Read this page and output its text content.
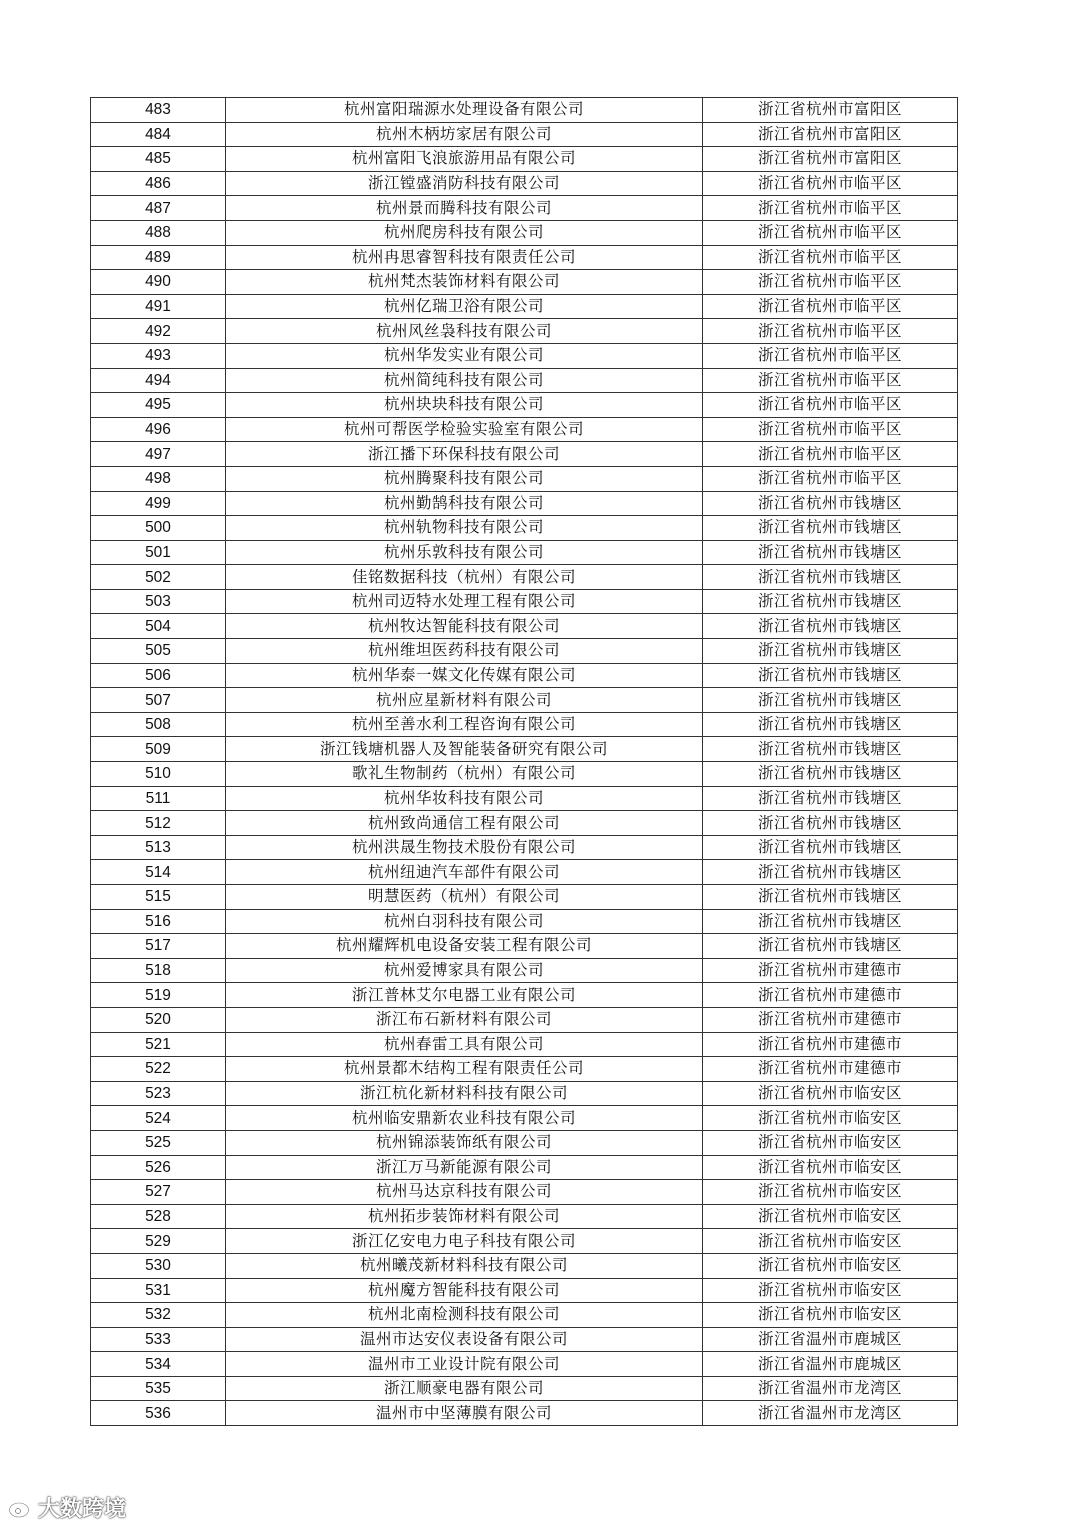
483	杭州富阳瑞源水处理设备有限公司	浙江省杭州市富阳区
484	杭州木柄坊家居有限公司	浙江省杭州市富阳区
485	杭州富阳飞浪旅游用品有限公司	浙江省杭州市富阳区
486	浙江镗盛消防科技有限公司	浙江省杭州市临平区
487	杭州景而腾科技有限公司	浙江省杭州市临平区
488	杭州爬房科技有限公司	浙江省杭州市临平区
489	杭州冉思睿智科技有限责任公司	浙江省杭州市临平区
490	杭州梵杰装饰材料有限公司	浙江省杭州市临平区
491	杭州亿瑞卫浴有限公司	浙江省杭州市临平区
492	杭州风丝袅科技有限公司	浙江省杭州市临平区
493	杭州华发实业有限公司	浙江省杭州市临平区
494	杭州简纯科技有限公司	浙江省杭州市临平区
495	杭州块块科技有限公司	浙江省杭州市临平区
496	杭州可帮医学检验实验室有限公司	浙江省杭州市临平区
497	浙江播下环保科技有限公司	浙江省杭州市临平区
498	杭州腾聚科技有限公司	浙江省杭州市临平区
499	杭州勤鹄科技有限公司	浙江省杭州市钱塘区
500	杭州轨物科技有限公司	浙江省杭州市钱塘区
501	杭州乐敦科技有限公司	浙江省杭州市钱塘区
502	佳铭数据科技（杭州）有限公司	浙江省杭州市钱塘区
503	杭州司迈特水处理工程有限公司	浙江省杭州市钱塘区
504	杭州牧达智能科技有限公司	浙江省杭州市钱塘区
505	杭州维坦医药科技有限公司	浙江省杭州市钱塘区
506	杭州华泰一媒文化传媒有限公司	浙江省杭州市钱塘区
507	杭州应星新材料有限公司	浙江省杭州市钱塘区
508	杭州至善水利工程咨询有限公司	浙江省杭州市钱塘区
509	浙江钱塘机器人及智能装备研究有限公司	浙江省杭州市钱塘区
510	歌礼生物制药（杭州）有限公司	浙江省杭州市钱塘区
511	杭州华妆科技有限公司	浙江省杭州市钱塘区
512	杭州致尚通信工程有限公司	浙江省杭州市钱塘区
513	杭州洪晟生物技术股份有限公司	浙江省杭州市钱塘区
514	杭州纽迪汽车部件有限公司	浙江省杭州市钱塘区
515	明慧医药（杭州）有限公司	浙江省杭州市钱塘区
516	杭州白羽科技有限公司	浙江省杭州市钱塘区
517	杭州耀辉机电设备安装工程有限公司	浙江省杭州市钱塘区
518	杭州爱博家具有限公司	浙江省杭州市建德市
519	浙江普林艾尔电器工业有限公司	浙江省杭州市建德市
520	浙江布石新材料有限公司	浙江省杭州市建德市
521	杭州春雷工具有限公司	浙江省杭州市建德市
522	杭州景都木结构工程有限责任公司	浙江省杭州市建德市
523	浙江杭化新材料科技有限公司	浙江省杭州市临安区
524	杭州临安鼎新农业科技有限公司	浙江省杭州市临安区
525	杭州锦添装饰纸有限公司	浙江省杭州市临安区
526	浙江万马新能源有限公司	浙江省杭州市临安区
527	杭州马达京科技有限公司	浙江省杭州市临安区
528	杭州拓步装饰材料有限公司	浙江省杭州市临安区
529	浙江亿安电力电子科技有限公司	浙江省杭州市临安区
530	杭州曦茂新材料科技有限公司	浙江省杭州市临安区
531	杭州魔方智能科技有限公司	浙江省杭州市临安区
532	杭州北南检测科技有限公司	浙江省杭州市临安区
533	温州市达安仪表设备有限公司	浙江省温州市鹿城区
534	温州市工业设计院有限公司	浙江省温州市鹿城区
535	浙江顺豪电器有限公司	浙江省温州市龙湾区
536	温州市中坚薄膜有限公司	浙江省温州市龙湾区
大数跨境
